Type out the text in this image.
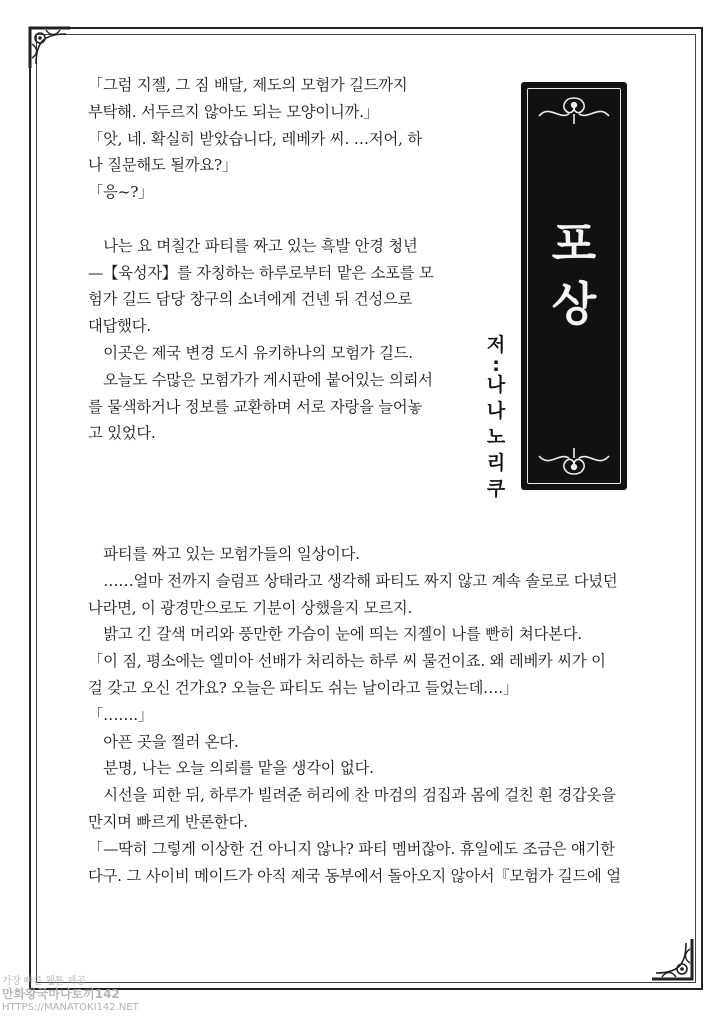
「그럼 지젤, 그 짐 배달, 제도의 모험가 길드까지

부탁해. 서두르지 않아도 되는 모양이니까.」

「앗, 네. 확실히 받았습니다, 레베카 씨. …저어, 하

나 질문해도 될까요?」

「응~?」

나는 요 며칠간 파티를 짜고 있는 흑발 안경 청년

—【육성자】를 자칭하는 하루로부터 맡은 소포를 모

험가 길드 담당 창구의 소녀에게 건넨 뒤 건성으로

대답했다.

이곳은 제국 변경 도시 유키하나의 모험가 길드.

오늘도 수많은 모험가가 게시판에 붙어있는 의뢰서

를 물색하거나 정보를 교환하며 서로 자랑을 늘어놓

고 있었다.

포
상
저
:
나
나
노
리
쿠

파티를 짜고 있는 모험가들의 일상이다.

……얼마 전까지 슬럼프 상태라고 생각해 파티도 짜지 않고 계속 솔로로 다녔던

나라면, 이 광경만으로도 기분이 상했을지 모르지.

밝고 긴 갈색 머리와 풍만한 가슴이 눈에 띄는 지젤이 나를 빤히 쳐다본다.

「이 짐, 평소에는 엘미아 선배가 처리하는 하루 씨 물건이죠. 왜 레베카 씨가 이

걸 갖고 오신 건가요? 오늘은 파티도 쉬는 날이라고 들었는데….」

「…….」

아픈 곳을 찔러 온다.

분명, 나는 오늘 의뢰를 맡을 생각이 없다.

시선을 피한 뒤, 하루가 빌려준 허리에 찬 마검의 검집과 몸에 걸친 흰 경갑옷을

만지며 빠르게 반론한다.

「—딱히 그렇게 이상한 건 아니지 않나? 파티 멤버잖아. 휴일에도 조금은 얘기한

다구. 그 사이비 메이드가 아직 제국 동부에서 돌아오지 않아서『모험가 길드에 얼

가장 빠른 웹툰 제공
만화왕국마나토끼142
HTTPS://MANATOKI142.NET
